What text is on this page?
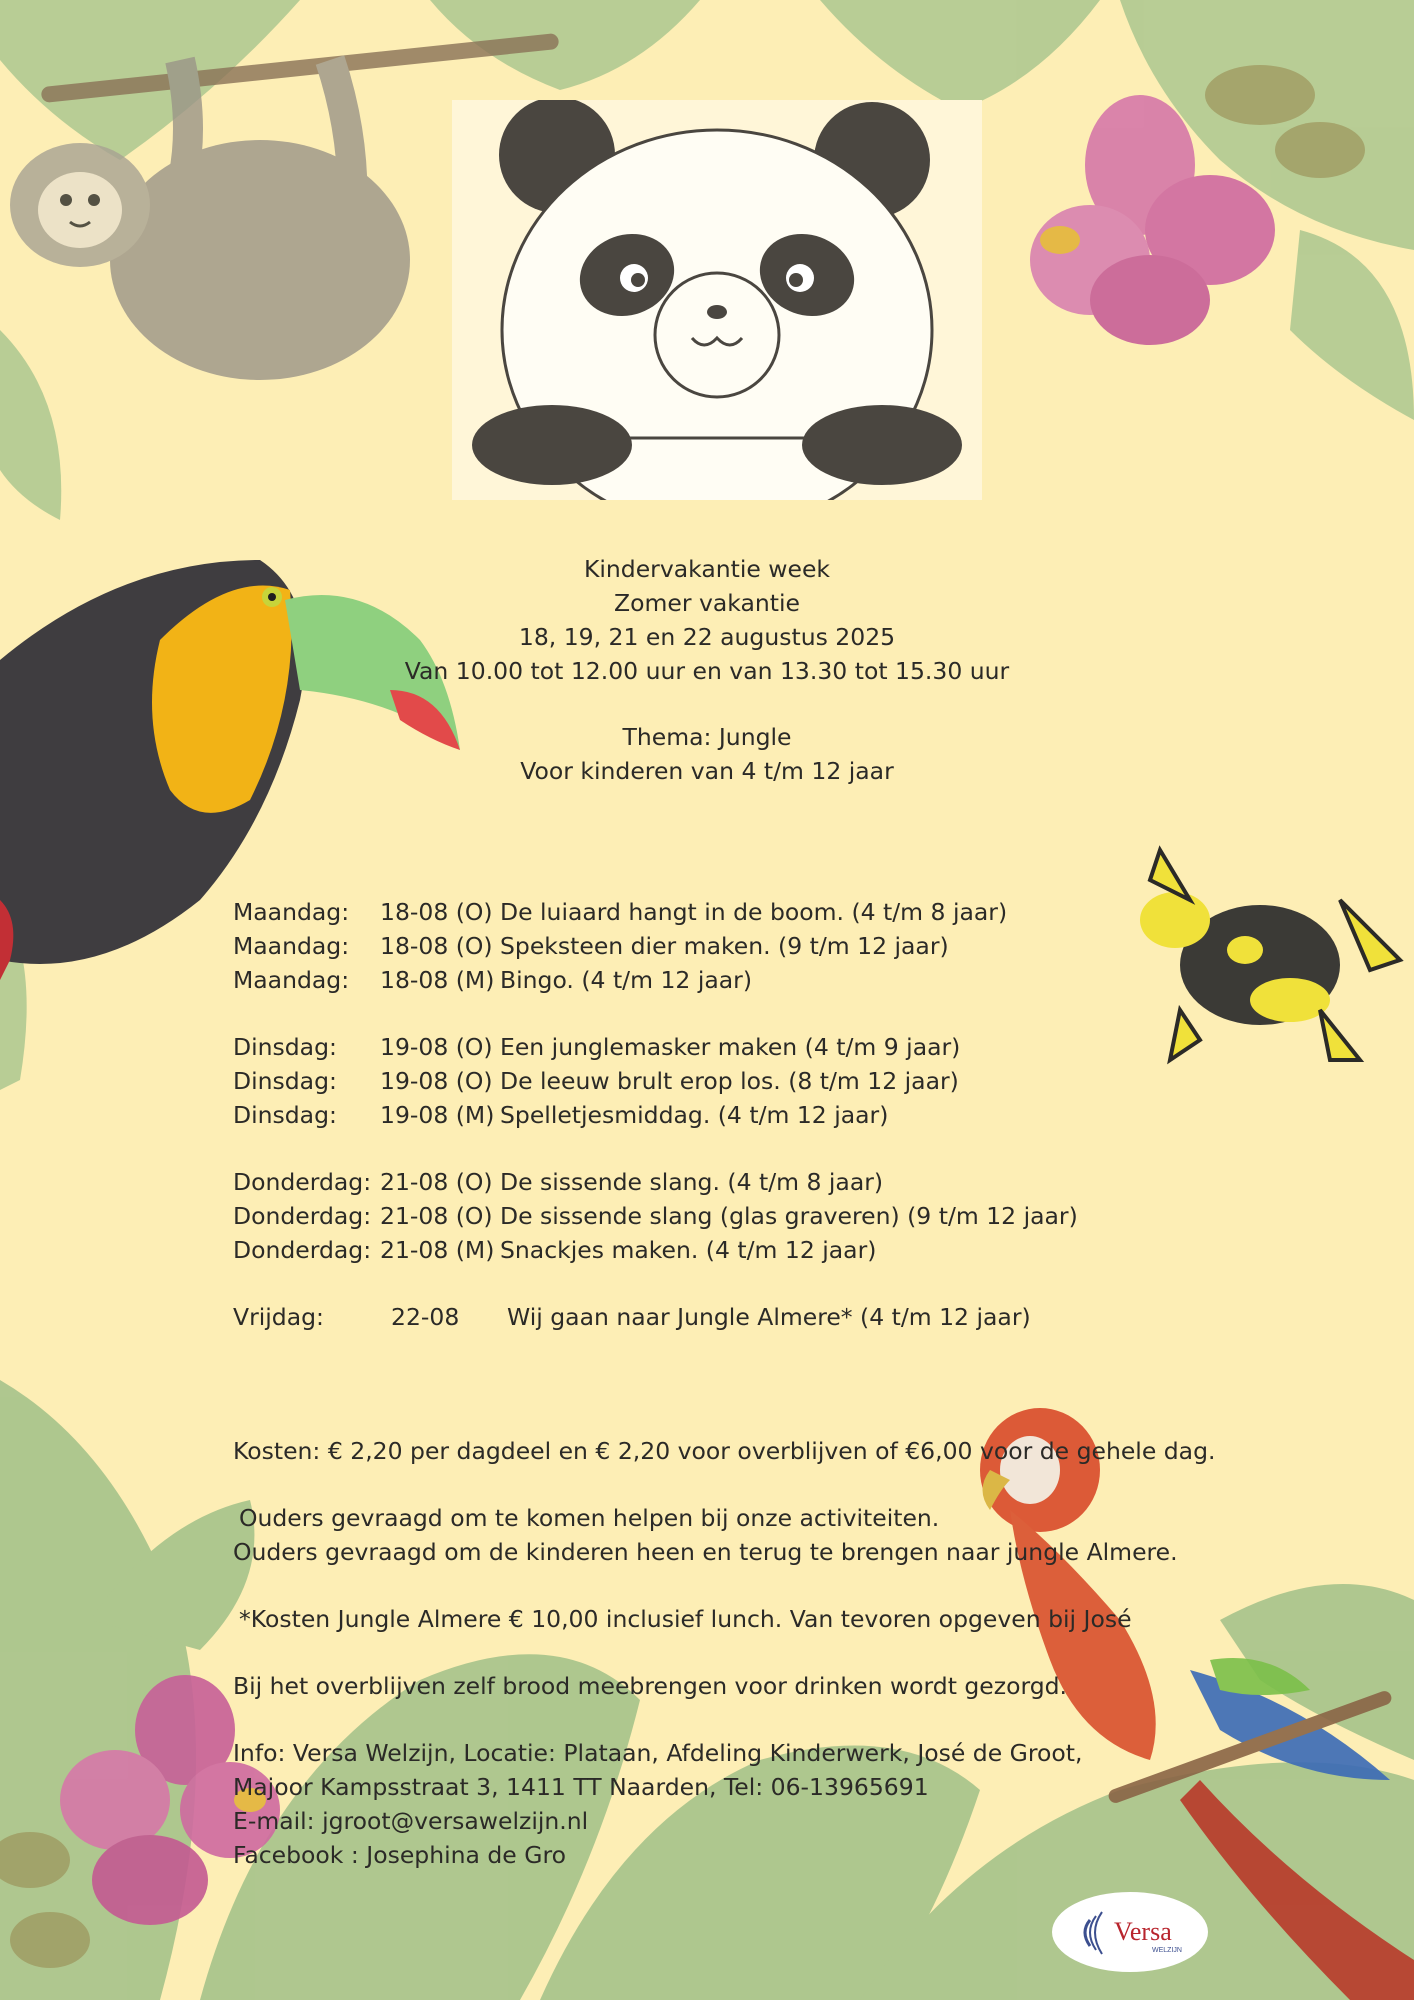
Kindervakantie week
Zomer vakantie
18, 19, 21 en 22 augustus 2025
Van 10.00 tot 12.00 uur en van 13.30 tot 15.30 uur
Thema: Jungle
Voor kinderen van 4 t/m 12 jaar
Maandag:	18-08 (O) De luiaard hangt in de boom. (4 t/m 8 jaar)
Maandag:	18-08 (O) Speksteen dier maken. (9 t/m 12 jaar)
Maandag:	18-08 (M) Bingo. (4 t/m 12 jaar)
Dinsdag:	19-08 (O) Een junglemasker maken (4 t/m 9 jaar)
Dinsdag:	19-08 (O) De leeuw brult erop los. (8 t/m 12 jaar)
Dinsdag:	19-08 (M) Spelletjesmiddag. (4 t/m 12 jaar)
Donderdag: 21-08 (O) De sissende slang. (4 t/m 8 jaar)
Donderdag: 21-08 (O) De sissende slang (glas graveren) (9 t/m 12 jaar)
Donderdag: 21-08 (M) Snackjes maken. (4 t/m 12 jaar)
Vrijdag:	22-08	Wij gaan naar Jungle Almere* (4 t/m 12 jaar)
Kosten: € 2,20 per dagdeel en € 2,20 voor overblijven of €6,00 voor de gehele dag.
Ouders gevraagd om te komen helpen bij onze activiteiten.
Ouders gevraagd om de kinderen heen en terug te brengen naar jungle Almere.
*Kosten Jungle Almere € 10,00 inclusief lunch. Van tevoren opgeven bij José
Bij het overblijven zelf brood meebrengen voor drinken wordt gezorgd.
Info: Versa Welzijn, Locatie: Plataan, Afdeling Kinderwerk, José de Groot,
Majoor Kampsstraat 3, 1411 TT Naarden, Tel: 06-13965691
E-mail: jgroot@versawelzijn.nl
Facebook : Josephina de Gro
Versa
WELZIJN
